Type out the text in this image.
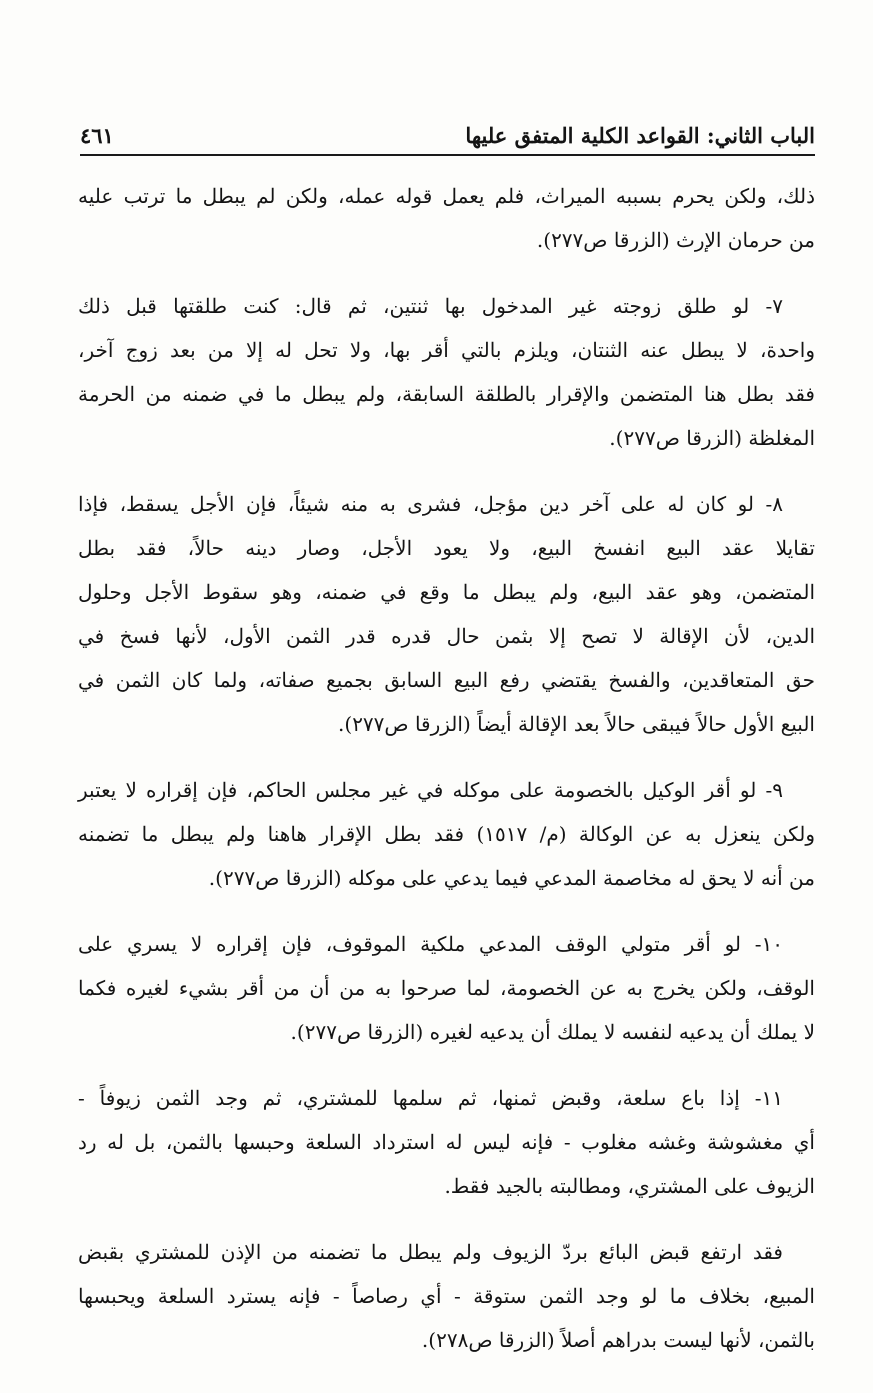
الباب الثاني: القواعد الكلية المتفق عليها
٤٦١

ذلك، ولكن يحرم بسببه الميراث، فلم يعمل قوله عمله، ولكن لم يبطل ما ترتب عليه
من حرمان الإرث (الزرقا ص٢٧٧).

٧- لو طلق زوجته غير المدخول بها ثنتين، ثم قال: كنت طلقتها قبل ذلك
واحدة، لا يبطل عنه الثنتان، ويلزم بالتي أقر بها، ولا تحل له إلا من بعد زوج آخر،
فقد بطل هنا المتضمن والإقرار بالطلقة السابقة، ولم يبطل ما في ضمنه من الحرمة
المغلظة (الزرقا ص٢٧٧).

٨- لو كان له على آخر دين مؤجل، فشرى به منه شيئاً، فإن الأجل يسقط، فإذا
تقايلا عقد البيع انفسخ البيع، ولا يعود الأجل، وصار دينه حالاً، فقد بطل
المتضمن، وهو عقد البيع، ولم يبطل ما وقع في ضمنه، وهو سقوط الأجل وحلول
الدين، لأن الإقالة لا تصح إلا بثمن حال قدره قدر الثمن الأول، لأنها فسخ في
حق المتعاقدين، والفسخ يقتضي رفع البيع السابق بجميع صفاته، ولما كان الثمن في
البيع الأول حالاً فيبقى حالاً بعد الإقالة أيضاً (الزرقا ص٢٧٧).

٩- لو أقر الوكيل بالخصومة على موكله في غير مجلس الحاكم، فإن إقراره لا يعتبر
ولكن ينعزل به عن الوكالة (م/ ١٥١٧) فقد بطل الإقرار هاهنا ولم يبطل ما تضمنه
من أنه لا يحق له مخاصمة المدعي فيما يدعي على موكله (الزرقا ص٢٧٧).

١٠- لو أقر متولي الوقف المدعي ملكية الموقوف، فإن إقراره لا يسري على
الوقف، ولكن يخرج به عن الخصومة، لما صرحوا به من أن من أقر بشيء لغيره فكما
لا يملك أن يدعيه لنفسه لا يملك أن يدعيه لغيره (الزرقا ص٢٧٧).

١١- إذا باع سلعة، وقبض ثمنها، ثم سلمها للمشتري، ثم وجد الثمن زيوفاً -
أي مغشوشة وغشه مغلوب - فإنه ليس له استرداد السلعة وحبسها بالثمن، بل له رد
الزيوف على المشتري، ومطالبته بالجيد فقط.

فقد ارتفع قبض البائع بردّ الزيوف ولم يبطل ما تضمنه من الإذن للمشتري بقبض
المبيع، بخلاف ما لو وجد الثمن ستوقة - أي رصاصاً - فإنه يسترد السلعة ويحبسها
بالثمن، لأنها ليست بدراهم أصلاً (الزرقا ص٢٧٨).
